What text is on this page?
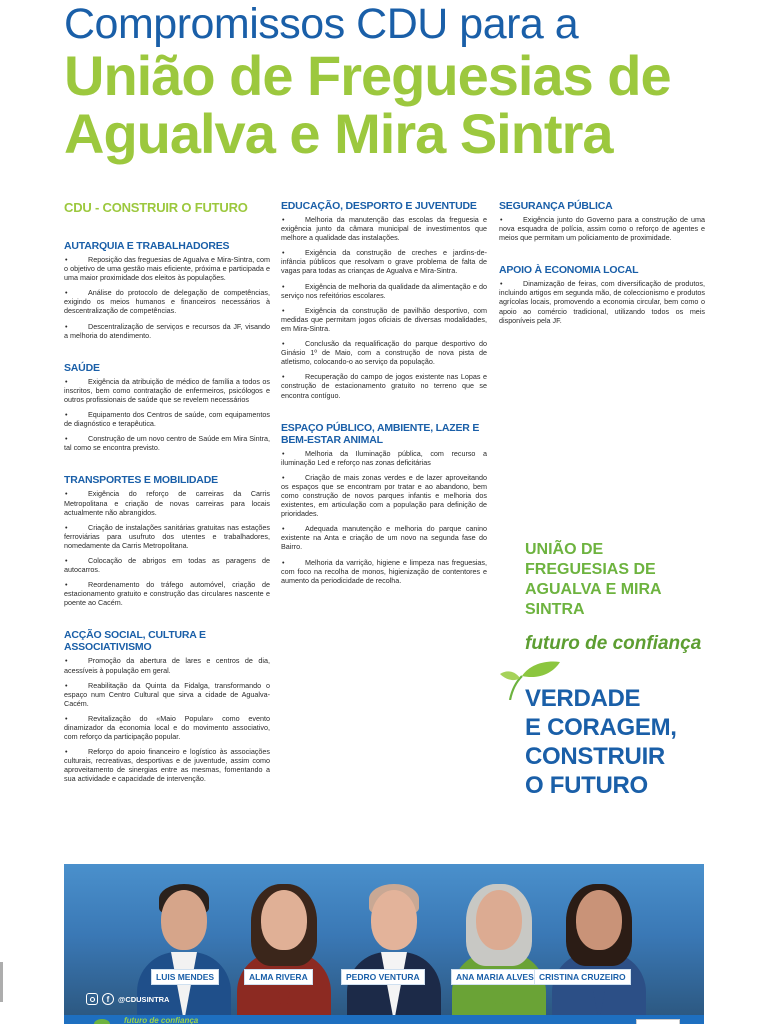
Compromissos CDU para a
União de Freguesias de
Agualva e Mira Sintra
CDU - CONSTRUIR O FUTURO
AUTARQUIA E TRABALHADORES
•	Reposição das freguesias de Agualva e Mira-Sintra, com o objetivo de uma gestão mais eficiente, próxima e participada e uma maior proximidade dos eleitos às populações.
•	Análise do protocolo de delegação de competências, exigindo os meios humanos e financeiros necessários à descentralização de competências.
•	Descentralização de serviços e recursos da JF, visando a melhoria do atendimento.
SAÚDE
•	Exigência da atribuição de médico de família a todos os inscritos, bem como contratação de enfermeiros, psicólogos e outros profissionais de saúde que se revelem necessários
•	Equipamento dos Centros de saúde, com equipamentos de diagnóstico e terapêutica.
•	Construção de um novo centro de Saúde em Mira Sintra, tal como se encontra previsto.
TRANSPORTES E MOBILIDADE
•	Exigência do reforço de carreiras da Carris Metropolitana e criação de novas carreiras para locais actualmente não abrangidos.
•	Criação de instalações sanitárias gratuitas nas estações ferroviárias para usufruto dos utentes e trabalhadores, nomedamente da Carris Metropolitana.
•	Colocação de abrigos em todas as paragens de autocarros.
•	Reordenamento do tráfego automóvel, criação de estacionamento gratuito e construção das circulares nascente e poente ao Cacém.
ACÇÃO SOCIAL, CULTURA E ASSOCIATIVISMO
•	Promoção da abertura de lares e centros de dia, acessíveis à população em geral.
•	Reabilitação da Quinta da Fidalga, transformando o espaço num Centro Cultural que sirva a cidade de Agualva-Cacém.
•	Revitalização do «Maio Popular» como evento dinamizador da economia local e do movimento associativo, com reforço da participação popular.
•	Reforço do apoio financeiro e logístico às associações culturais, recreativas, desportivas e de juventude, assim como aproveitamento de sinergias entre as mesmas, fomentando a sua actividade e capacidade de intervenção.
EDUCAÇÃO, DESPORTO E JUVENTUDE
•	Melhoria da manutenção das escolas da freguesia e exigência junto da câmara municipal de investimentos que melhore a qualidade das instalações.
•	Exigência da construção de creches e jardins-de-infância públicos que resolvam o grave problema de falta de vagas para todas as crianças de Agualva e Mira-Sintra.
•	Exigência de melhoria da qualidade da alimentação e do serviço nos refeitórios escolares.
•	Exigência da construção de pavilhão desportivo, com medidas que permitam jogos oficiais de diversas modalidades, em Mira-Sintra.
•	Conclusão da requalificação do parque desportivo do Ginásio 1º de Maio, com a construção de nova pista de atletismo, colocando-o ao serviço da população.
•	Recuperação do campo de jogos existente nas Lopas e construção de estacionamento gratuito no terreno que se encontra contíguo.
ESPAÇO PÚBLICO, AMBIENTE, LAZER E BEM-ESTAR ANIMAL
•	Melhoria da Iluminação pública, com recurso a iluminação Led e reforço nas zonas deficitárias
•	Criação de mais zonas verdes e de lazer aproveitando os espaços que se encontram por tratar e ao abandono, bem como construção de novos parques infantis e melhoria dos existentes, em articulação com a população para definição de prioridades.
•	Adequada manutenção e melhoria do parque canino existente na Anta e criação de um novo na segunda fase do Bairro.
•	Melhoria da varrição, higiene e limpeza nas freguesias, com foco na recolha de monos, higienização de contentores e aumento da periodicidade de recolha.
SEGURANÇA PÚBLICA
•	Exigência junto do Governo para a construção de uma nova esquadra de polícia, assim como o reforço de agentes e meios que permitam um policiamento de proximidade.
APOIO À ECONOMIA LOCAL
•	Dinamização de feiras, com diversificação de produtos, incluindo artigos em segunda mão, de coleccionismo e produtos agrícolas locais, promovendo a economia circular, bem como o apoio ao comércio tradicional, utilizando todos os meis disponíveis pela JF.
UNIÃO DE
FREGUESIAS DE
AGUALVA E MIRA
SINTRA
futuro de confiança
VERDADE
E CORAGEM,
CONSTRUIR
O FUTURO
LUIS MENDES	ALMA RIVERA	PEDRO VENTURA	ANA MARIA ALVES CRISTINA CRUZEIRO
f	@CDUSINTRA
futuro de confiança
